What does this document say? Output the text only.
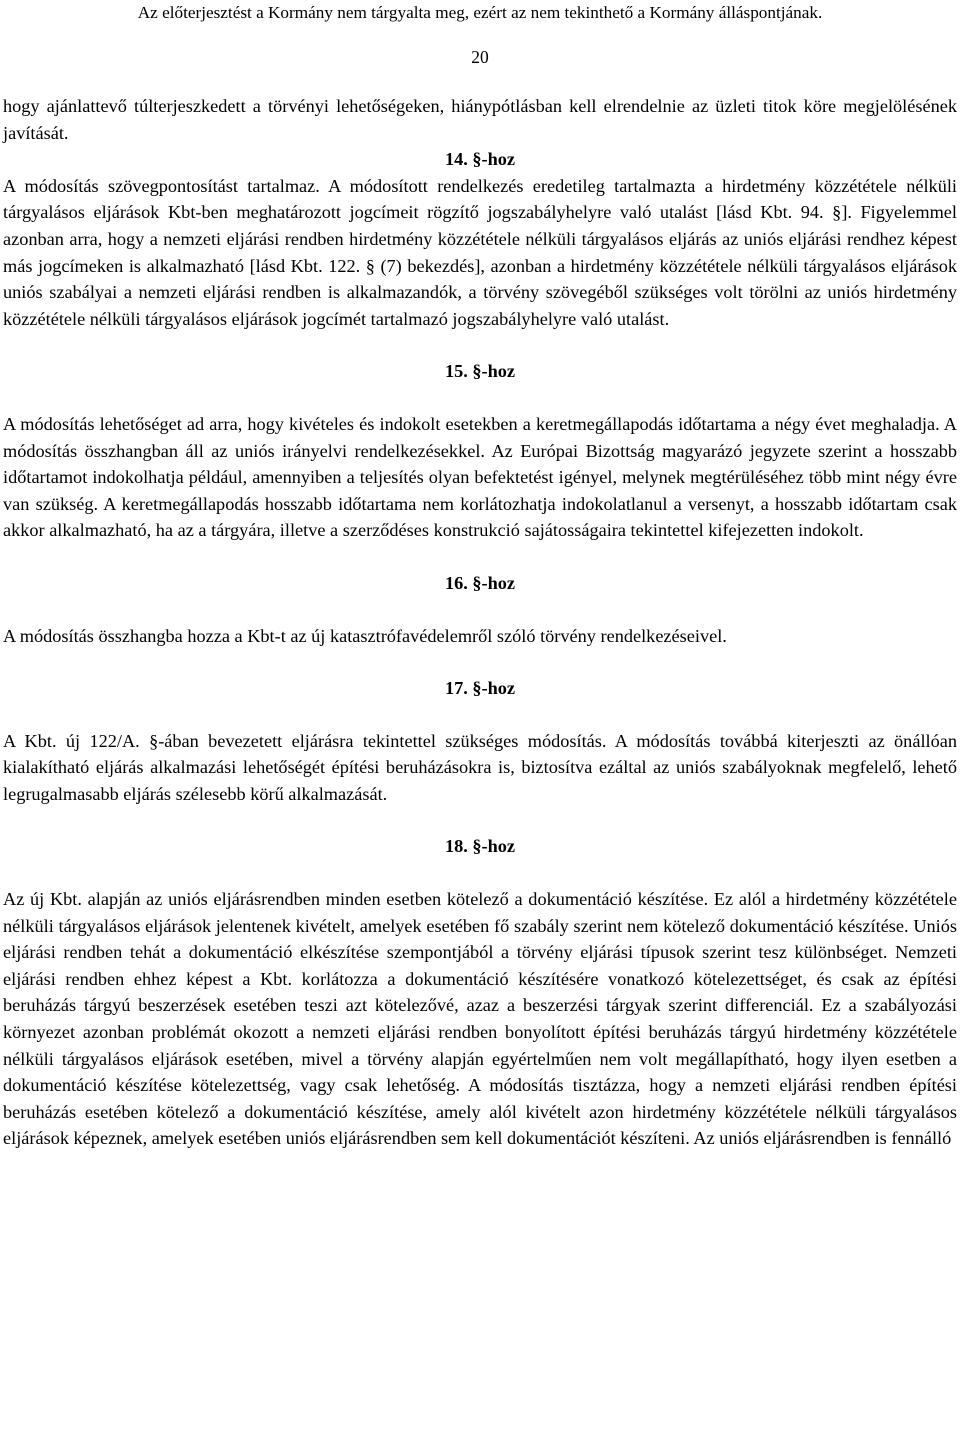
Az előterjesztést a Kormány nem tárgyalta meg, ezért az nem tekinthető a Kormány álláspontjának.
20

hogy ajánlattevő túlterjeszkedett a törvényi lehetőségeken, hiánypótlásban kell elrendelnie az üzleti titok köre megjelölésének javítását.

14. §-hoz

A módosítás szövegpontosítást tartalmaz. A módosított rendelkezés eredetileg tartalmazta a hirdetmény közzététele nélküli tárgyalásos eljárások Kbt-ben meghatározott jogcímeit rögzítő jogszabályhelyre való utalást [lásd Kbt. 94. §]. Figyelemmel azonban arra, hogy a nemzeti eljárási rendben hirdetmény közzététele nélküli tárgyalásos eljárás az uniós eljárási rendhez képest más jogcímeken is alkalmazható [lásd Kbt. 122. § (7) bekezdés], azonban a hirdetmény közzététele nélküli tárgyalásos eljárások uniós szabályai a nemzeti eljárási rendben is alkalmazandók, a törvény szövegéből szükséges volt törölni az uniós hirdetmény közzététele nélküli tárgyalásos eljárások jogcímét tartalmazó jogszabályhelyre való utalást.

15. §-hoz

A módosítás lehetőséget ad arra, hogy kivételes és indokolt esetekben a keretmegállapodás időtartama a négy évet meghaladja. A módosítás összhangban áll az uniós irányelvi rendelkezésekkel. Az Európai Bizottság magyarázó jegyzete szerint a hosszabb időtartamot indokolhatja például, amennyiben a teljesítés olyan befektetést igényel, melynek megtérüléséhez több mint négy évre van szükség. A keretmegállapodás hosszabb időtartama nem korlátozhatja indokolatlanul a versenyt, a hosszabb időtartam csak akkor alkalmazható, ha az a tárgyára, illetve a szerződéses konstrukció sajátosságaira tekintettel kifejezetten indokolt.

16. §-hoz

A módosítás összhangba hozza a Kbt-t az új katasztrófavédelemről szóló törvény rendelkezéseivel.

17. §-hoz

A Kbt. új 122/A. §-ában bevezetett eljárásra tekintettel szükséges módosítás. A módosítás továbbá kiterjeszti az önállóan kialakítható eljárás alkalmazási lehetőségét építési beruházásokra is, biztosítva ezáltal az uniós szabályoknak megfelelő, lehető legrugalmasabb eljárás szélesebb körű alkalmazását.

18. §-hoz

Az új Kbt. alapján az uniós eljárásrendben minden esetben kötelező a dokumentáció készítése. Ez alól a hirdetmény közzététele nélküli tárgyalásos eljárások jelentenek kivételt, amelyek esetében fő szabály szerint nem kötelező dokumentáció készítése. Uniós eljárási rendben tehát a dokumentáció elkészítése szempontjából a törvény eljárási típusok szerint tesz különbséget. Nemzeti eljárási rendben ehhez képest a Kbt. korlátozza a dokumentáció készítésére vonatkozó kötelezettséget, és csak az építési beruházás tárgyú beszerzések esetében teszi azt kötelezővé, azaz a beszerzési tárgyak szerint differenciál. Ez a szabályozási környezet azonban problémát okozott a nemzeti eljárási rendben bonyolított építési beruházás tárgyú hirdetmény közzététele nélküli tárgyalásos eljárások esetében, mivel a törvény alapján egyértelműen nem volt megállapítható, hogy ilyen esetben a dokumentáció készítése kötelezettség, vagy csak lehetőség. A módosítás tisztázza, hogy a nemzeti eljárási rendben építési beruházás esetében kötelező a dokumentáció készítése, amely alól kivételt azon hirdetmény közzététele nélküli tárgyalásos eljárások képeznek, amelyek esetében uniós eljárásrendben sem kell dokumentációt készíteni. Az uniós eljárásrendben is fennálló
